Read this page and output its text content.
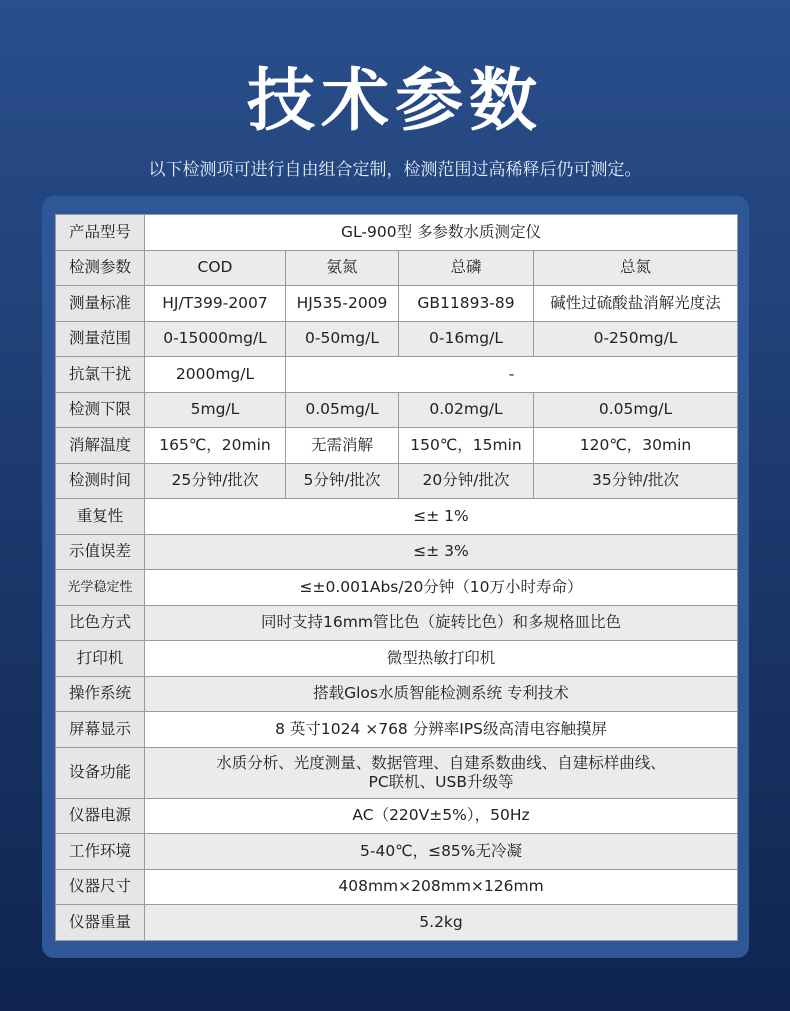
技术参数
以下检测项可进行自由组合定制，检测范围过高稀释后仍可测定。
产品型号	GL-900型 多参数水质测定仪			
检测参数	COD	氨氮	总磷	总氮
测量标准	HJ/T399-2007	HJ535-2009	GB11893-89	碱性过硫酸盐消解光度法
测量范围	0-15000mg/L	0-50mg/L	0-16mg/L	0-250mg/L
抗氯干扰	2000mg/L	-		
检测下限	5mg/L	0.05mg/L	0.02mg/L	0.05mg/L
消解温度	165℃，20min	无需消解	150℃，15min	120℃，30min
检测时间	25分钟/批次	5分钟/批次	20分钟/批次	35分钟/批次
重复性	≤± 1%			
示值误差	≤± 3%			
光学稳定性	≤±0.001Abs/20分钟（10万小时寿命）			
比色方式	同时支持16mm管比色（旋转比色）和多规格皿比色			
打印机	微型热敏打印机			
操作系统	搭载Glos水质智能检测系统 专利技术			
屏幕显示	8 英寸1024 ×768 分辨率IPS级高清电容触摸屏			
设备功能	水质分析、光度测量、数据管理、自建系数曲线、自建标样曲线、
PC联机、USB升级等			

仪器电源	AC（220V±5%），50Hz			
工作环境	5-40℃，≤85%无冷凝			
仪器尺寸	408mm×208mm×126mm			
仪器重量	5.2kg			
